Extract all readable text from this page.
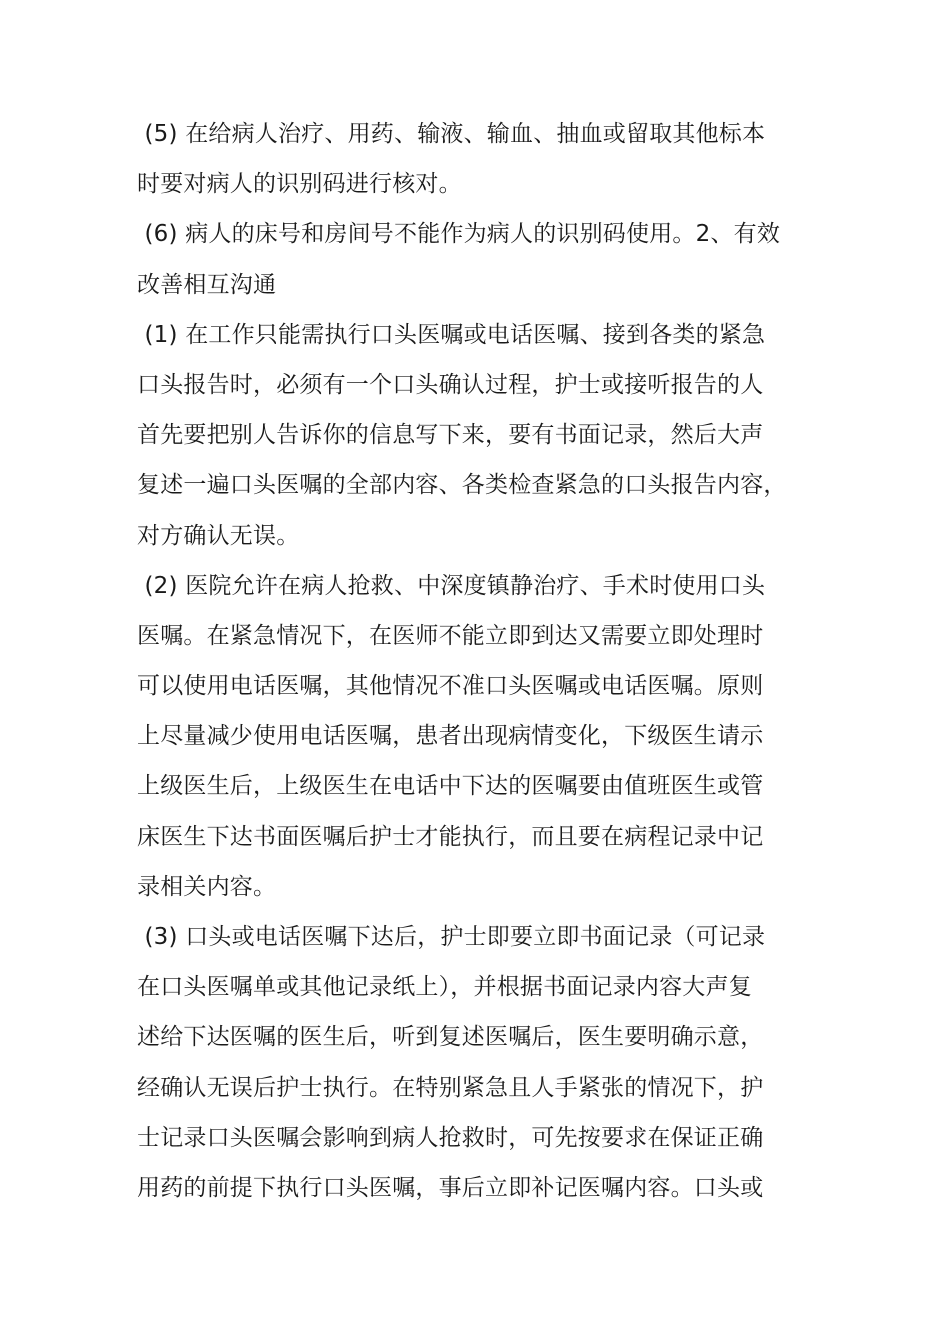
(5) 在给病人治疗、用药、输液、输血、抽血或留取其他标本
时要对病人的识别码进行核对。
(6) 病人的床号和房间号不能作为病人的识别码使用。2、有效
改善相互沟通
(1) 在工作只能需执行口头医嘱或电话医嘱、接到各类的紧急
口头报告时，必须有一个口头确认过程，护士或接听报告的人
首先要把别人告诉你的信息写下来，要有书面记录，然后大声
复述一遍口头医嘱的全部内容、各类检查紧急的口头报告内容，
对方确认无误。
(2) 医院允许在病人抢救、中深度镇静治疗、手术时使用口头
医嘱。在紧急情况下，在医师不能立即到达又需要立即处理时
可以使用电话医嘱，其他情况不准口头医嘱或电话医嘱。原则
上尽量减少使用电话医嘱，患者出现病情变化，下级医生请示
上级医生后，上级医生在电话中下达的医嘱要由值班医生或管
床医生下达书面医嘱后护士才能执行，而且要在病程记录中记
录相关内容。
(3) 口头或电话医嘱下达后，护士即要立即书面记录（可记录
在口头医嘱单或其他记录纸上），并根据书面记录内容大声复
述给下达医嘱的医生后，听到复述医嘱后，医生要明确示意，
经确认无误后护士执行。在特别紧急且人手紧张的情况下，护
士记录口头医嘱会影响到病人抢救时，可先按要求在保证正确
用药的前提下执行口头医嘱，事后立即补记医嘱内容。口头或
